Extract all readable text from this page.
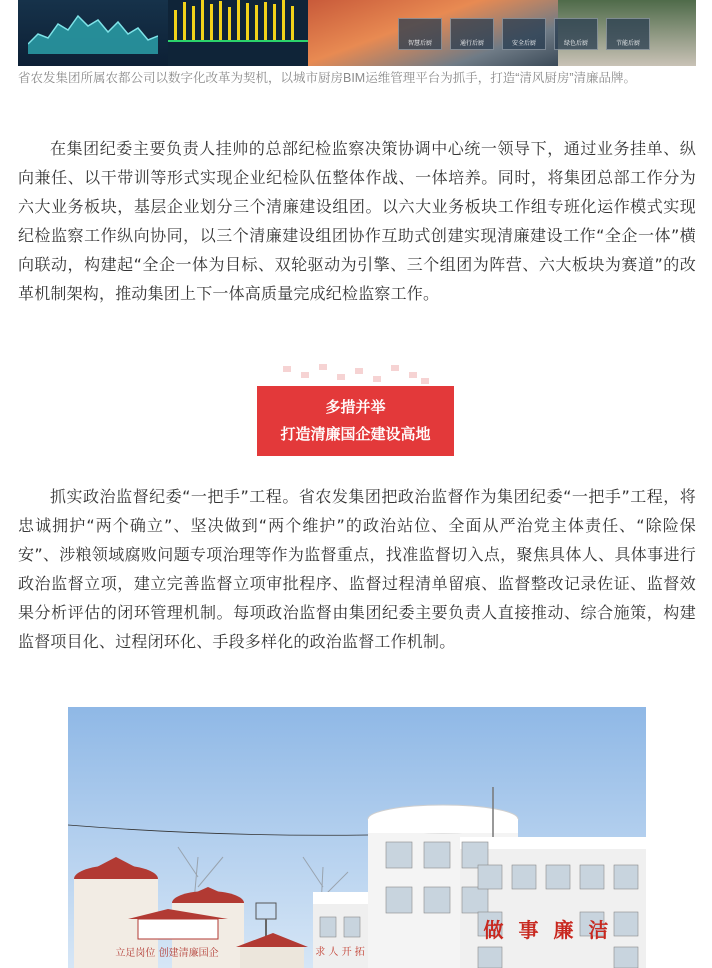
智慧后厨	通行后厨	安全后厨	绿色后厨	节能后厨
省农发集团所属农都公司以数字化改革为契机，以城市厨房BIM运维管理平台为抓手，打造“清风厨房”清廉品牌。
在集团纪委主要负责人挂帅的总部纪检监察决策协调中心统一领导下，通过业务挂单、纵向兼任、以干带训等形式实现企业纪检队伍整体作战、一体培养。同时，将集团总部工作分为六大业务板块，基层企业划分三个清廉建设组团。以六大业务板块工作组专班化运作模式实现纪检监察工作纵向协同，以三个清廉建设组团协作互助式创建实现清廉建设工作“全企一体”横向联动，构建起“全企一体为目标、双轮驱动为引擎、三个组团为阵营、六大板块为赛道”的改革机制架构，推动集团上下一体高质量完成纪检监察工作。
多措并举
打造清廉国企建设高地
抓实政治监督纪委“一把手”工程。省农发集团把政治监督作为集团纪委“一把手”工程，将忠诚拥护“两个确立”、坚决做到“两个维护”的政治站位、全面从严治党主体责任、“除险保安”、涉粮领域腐败问题专项治理等作为监督重点，找准监督切入点，聚焦具体人、具体事进行政治监督立项，建立完善监督立项审批程序、监督过程清单留痕、监督整改记录佐证、监督效果分析评估的闭环管理机制。每项政治监督由集团纪委主要负责人直接推动、综合施策，构建监督项目化、过程闭环化、手段多样化的政治监督工作机制。
立足岗位 创建清廉国企	求 人 开 拓
做 事 廉 洁
